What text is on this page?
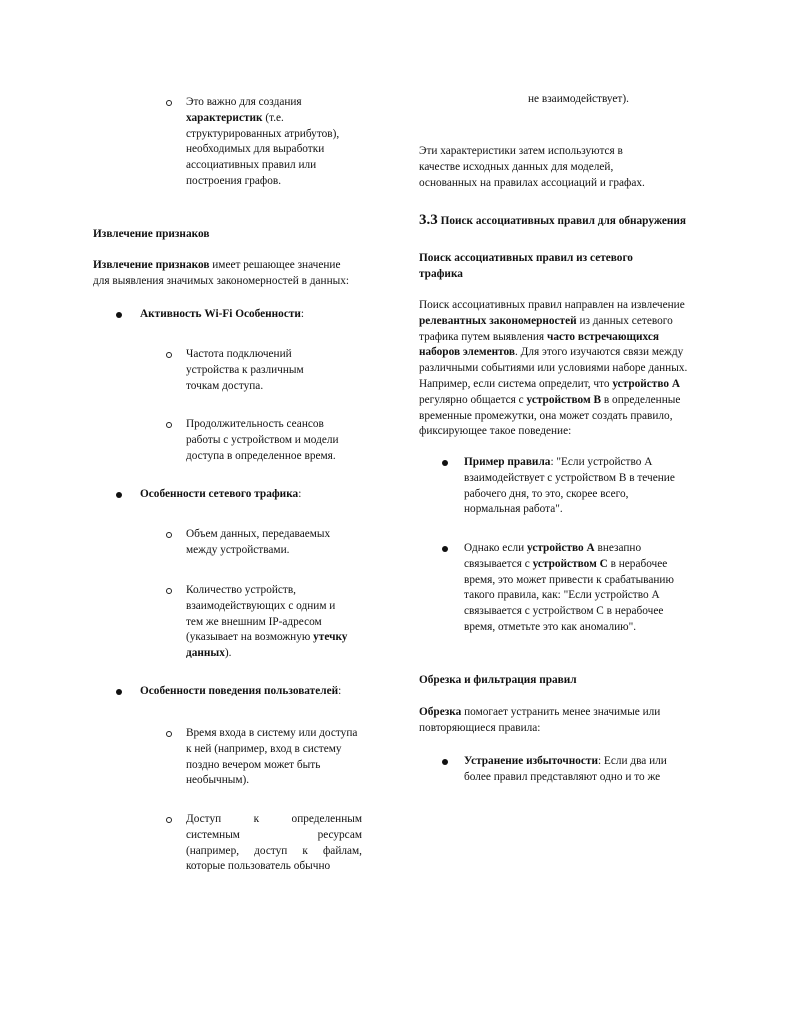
Это важно для создания
характеристик (т.е.
структурированных атрибутов),
необходимых для выработки
ассоциативных правил или
построения графов.
Извлечение признаков
Извлечение признаков имеет решающее значение
для выявления значимых закономерностей в данных:
Активность Wi-Fi Особенности:
Частота подключений
устройства к различным
точкам доступа.
Продолжительность сеансов
работы с устройством и модели
доступа в определенное время.
Особенности сетевого трафика:
Объем данных, передаваемых
между устройствами.
Количество устройств,
взаимодействующих с одним и
тем же внешним IP-адресом
(указывает на возможную утечку
данных).
Особенности поведения пользователей:
Время входа в систему или доступа
к ней (например, вход в систему
поздно вечером может быть
необычным).
Доступ	к	определенным
системным	ресурсам
(например, доступ к файлам,
которые пользователь обычно
не взаимодействует).
Эти характеристики затем используются в
качестве исходных данных для моделей,
основанных на правилах ассоциаций и графах.
3.3 Поиск ассоциативных правил для обнаружения
Поиск ассоциативных правил из сетевого
трафика
Поиск ассоциативных правил направлен на извлечение
релевантных закономерностей из данных сетевого
трафика путем выявления часто встречающихся
наборов элементов. Для этого изучаются связи между
различными событиями или условиями наборе данных.
Например, если система определит, что устройство A
регулярно общается с устройством B в определенные
временные промежутки, она может создать правило,
фиксирующее такое поведение:
Пример правила: "Если устройство A
взаимодействует с устройством B в течение
рабочего дня, то это, скорее всего,
нормальная работа".
Однако если устройство A внезапно
связывается с устройством C в нерабочее
время, это может привести к срабатыванию
такого правила, как: "Если устройство A
связывается с устройством C в нерабочее
время, отметьте это как аномалию".
Обрезка и фильтрация правил
Обрезка помогает устранить менее значимые или
повторяющиеся правила:
Устранение избыточности: Если два или
более правил представляют одно и то же
